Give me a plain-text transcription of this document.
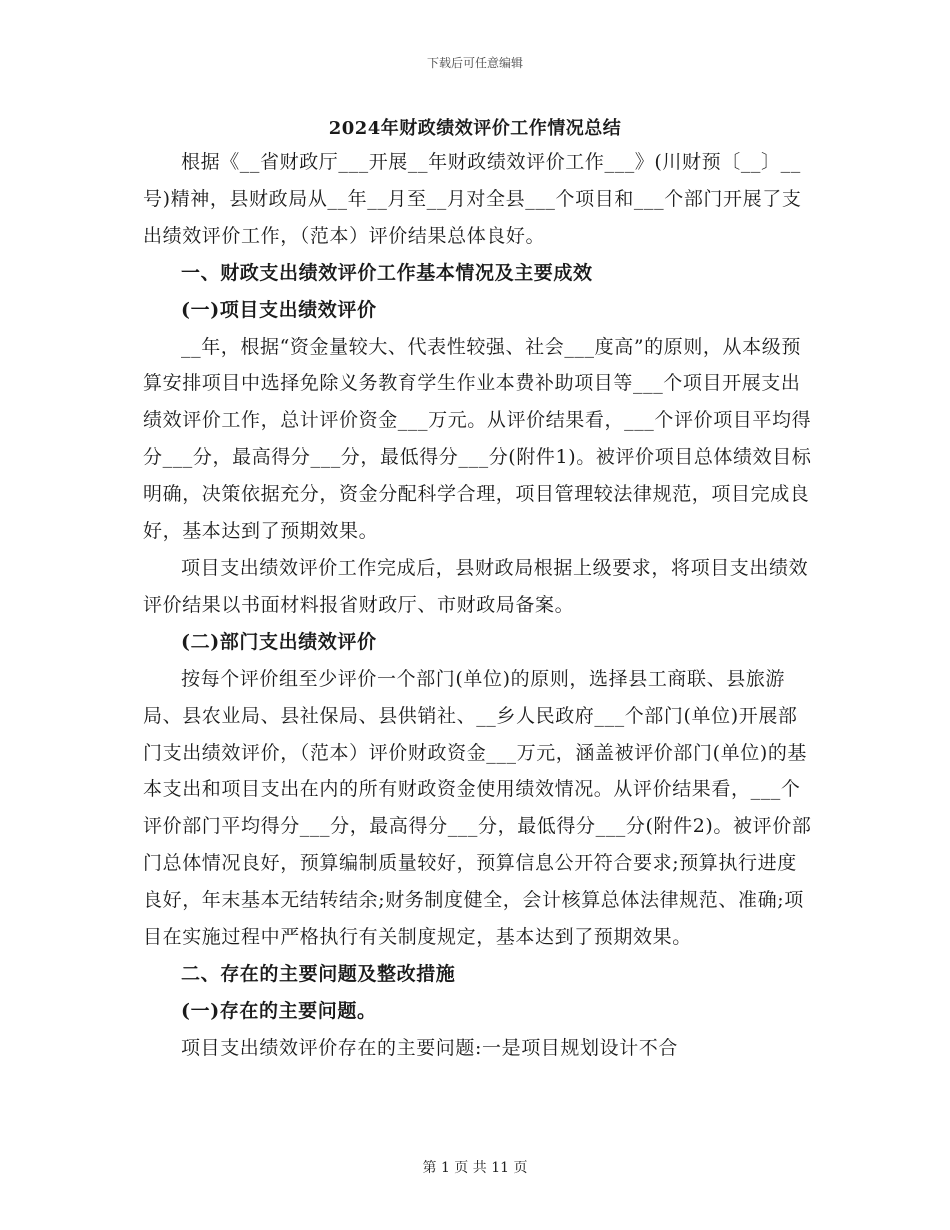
下载后可任意编辑
2024年财政绩效评价工作情况总结

根据《__省财政厅___开展__年财政绩效评价工作___》(川财预〔__〕__号)精神，县财政局从__年__月至__月对全县___个项目和___个部门开展了支出绩效评价工作，（范本）评价结果总体良好。

一、财政支出绩效评价工作基本情况及主要成效

(一)项目支出绩效评价

__年，根据“资金量较大、代表性较强、社会___度高”的原则，从本级预算安排项目中选择免除义务教育学生作业本费补助项目等___个项目开展支出绩效评价工作，总计评价资金___万元。从评价结果看，___个评价项目平均得分___分，最高得分___分，最低得分___分(附件1)。被评价项目总体绩效目标明确，决策依据充分，资金分配科学合理，项目管理较法律规范，项目完成良好，基本达到了预期效果。

项目支出绩效评价工作完成后，县财政局根据上级要求，将项目支出绩效评价结果以书面材料报省财政厅、市财政局备案。

(二)部门支出绩效评价

按每个评价组至少评价一个部门(单位)的原则，选择县工商联、县旅游局、县农业局、县社保局、县供销社、__乡人民政府___个部门(单位)开展部门支出绩效评价，（范本）评价财政资金___万元，涵盖被评价部门(单位)的基本支出和项目支出在内的所有财政资金使用绩效情况。从评价结果看，___个评价部门平均得分___分，最高得分___分，最低得分___分(附件2)。被评价部门总体情况良好，预算编制质量较好，预算信息公开符合要求;预算执行进度良好，年末基本无结转结余;财务制度健全，会计核算总体法律规范、准确;项目在实施过程中严格执行有关制度规定，基本达到了预期效果。

二、存在的主要问题及整改措施

(一)存在的主要问题。

项目支出绩效评价存在的主要问题:一是项目规划设计不合

第 1 页 共 11 页
